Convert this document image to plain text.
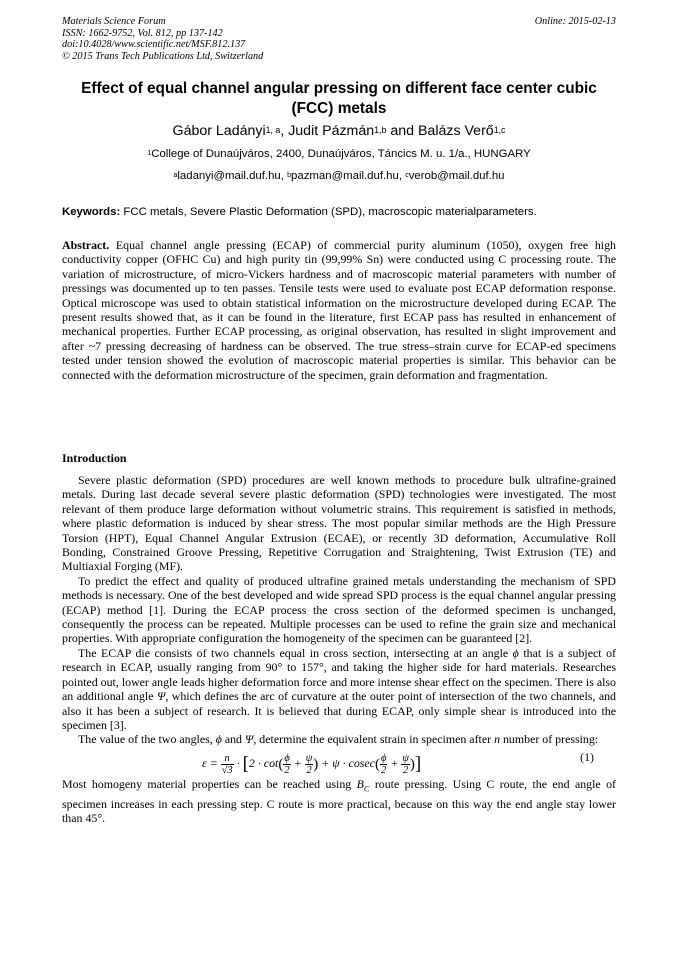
Materials Science Forum
ISSN: 1662-9752, Vol. 812, pp 137-142
doi:10.4028/www.scientific.net/MSF.812.137
© 2015 Trans Tech Publications Ltd, Switzerland
Online: 2015-02-13
Effect of equal channel angular pressing on different face center cubic (FCC) metals
Gábor Ladányi$^{1, a}$, Judit Pázmán$^{1,b}$ and Balázs Verő$^{1,c}$
$^1$College of Dunaújváros, 2400, Dunaújváros, Táncics M. u. 1/a., HUNGARY
$^a$ladanyi@mail.duf.hu, $^b$pazman@mail.duf.hu, $^c$verob@mail.duf.hu
Keywords: FCC metals, Severe Plastic Deformation (SPD), macroscopic materialparameters.

Abstract. Equal channel angle pressing (ECAP) of commercial purity aluminum (1050), oxygen free high conductivity copper (OFHC Cu) and high purity tin (99,99% Sn) were conducted using C processing route. The variation of microstructure, of micro-Vickers hardness and of macroscopic material parameters with number of pressings was documented up to ten passes. Tensile tests were used to evaluate post ECAP deformation response. Optical microscope was used to obtain statistical information on the microstructure developed during ECAP. The present results showed that, as it can be found in the literature, first ECAP pass has resulted in enhancement of mechanical properties. Further ECAP processing, as original observation, has resulted in slight improvement and after ~7 pressing decreasing of hardness can be observed. The true stress–strain curve for ECAP-ed specimens tested under tension showed the evolution of macroscopic material properties is similar. This behavior can be connected with the deformation microstructure of the specimen, grain deformation and fragmentation.

Introduction

Severe plastic deformation (SPD) procedures are well known methods to procedure bulk ultrafine-grained metals. During last decade several severe plastic deformation (SPD) technologies were investigated. The most relevant of them produce large deformation without volumetric strains. This requirement is satisfied in methods, where plastic deformation is induced by shear stress. The most popular similar methods are the High Pressure Torsion (HPT), Equal Channel Angular Extrusion (ECAE), or recently 3D deformation, Accumulative Roll Bonding, Constrained Groove Pressing, Repetitive Corrugation and Straightening, Twist Extrusion (TE) and Multiaxial Forging (MF).

To predict the effect and quality of produced ultrafine grained metals understanding the mechanism of SPD methods is necessary. One of the best developed and wide spread SPD process is the equal channel angular pressing (ECAP) method [1]. During the ECAP process the cross section of the deformed specimen is unchanged, consequently the process can be repeated. Multiple processes can be used to refine the grain size and mechanical properties. With appropriate configuration the homogeneity of the specimen can be guaranteed [2].

The ECAP die consists of two channels equal in cross section, intersecting at an angle ϕ that is a subject of research in ECAP, usually ranging from 90° to 157°, and taking the higher side for hard materials. Researches pointed out, lower angle leads higher deformation force and more intense shear effect on the specimen. There is also an additional angle Ψ, which defines the arc of curvature at the outer point of intersection of the two channels, and also it has been a subject of research. It is believed that during ECAP, only simple shear is introduced into the specimen [3].

The value of the two angles, ϕ and Ψ, determine the equivalent strain in specimen after n number of pressing:

$\varepsilon = \frac{n}{√3} \cdot [2 \cdot \cot( \frac{\phi}{2} + \frac{\psi}{2}$ ) + $\psi \cdot cosec( \frac{\phi}{2} + \frac{\psi}{2}$ )]	(1)

Most homogeny material properties can be reached using $B_C$ route pressing. Using C route, the end angle of specimen increases in each pressing step. C route is more practical, because on this way the end angle stay lower than 45°.
